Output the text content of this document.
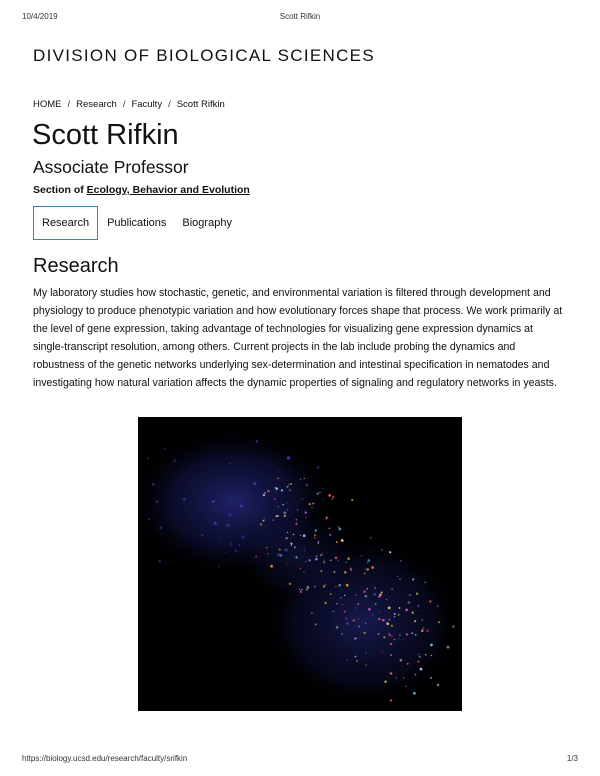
10/4/2019	Scott Rifkin
DIVISION OF BIOLOGICAL SCIENCES
HOME / Research / Faculty / Scott Rifkin
Scott Rifkin
Associate Professor
Section of Ecology, Behavior and Evolution
Research	Publications	Biography
Research

My laboratory studies how stochastic, genetic, and environmental variation is filtered through development and physiology to produce phenotypic variation and how evolutionary forces shape that process. We work primarily at the level of gene expression, taking advantage of technologies for visualizing gene expression dynamics at single-transcript resolution, among others. Current projects in the lab include probing the dynamics and robustness of the genetic networks underlying sex-determination and intestinal specification in nematodes and investigating how natural variation affects the dynamic properties of signaling and regulatory networks in yeasts.

https://biology.ucsd.edu/research/faculty/srifkin	1/3
